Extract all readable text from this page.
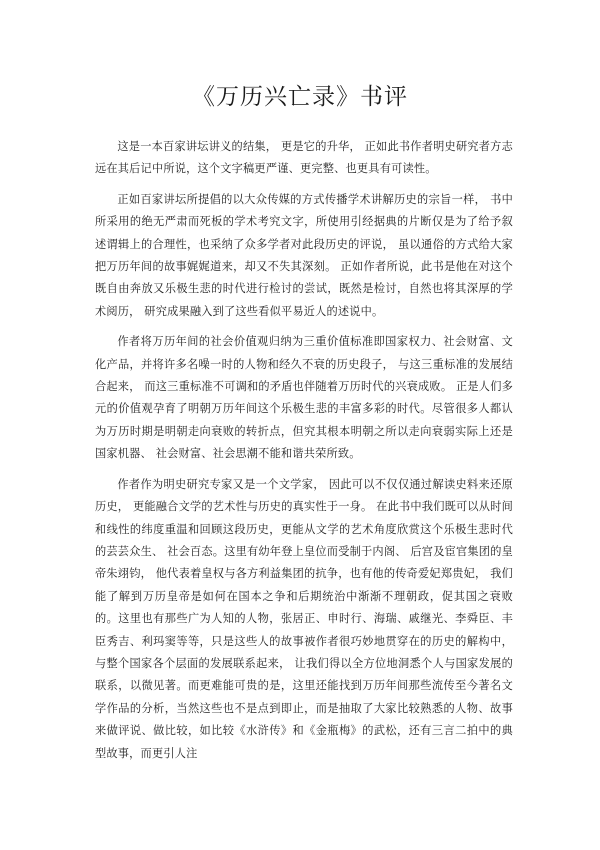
《万历兴亡录》书评

这是一本百家讲坛讲义的结集， 更是它的升华， 正如此书作者明史研究者方志远在其后记中所说，这个文字稿更严谨、更完整、也更具有可读性。

正如百家讲坛所提倡的以大众传媒的方式传播学术讲解历史的宗旨一样， 书中所采用的绝无严肃而死板的学术考究文字，所使用引经据典的片断仅是为了给予叙述谓辑上的合理性，也采纳了众多学者对此段历史的评说， 虽以通俗的方式给大家把万历年间的故事娓娓道来，却又不失其深刻。 正如作者所说，此书是他在对这个既自由奔放又乐极生悲的时代进行检讨的尝试，既然是检讨，自然也将其深厚的学术阅历， 研究成果融入到了这些看似平易近人的述说中。

作者将万历年间的社会价值观归纳为三重价值标准即国家权力、社会财富、文化产品，并将许多名噪一时的人物和经久不衰的历史段子， 与这三重标准的发展结合起来， 而这三重标准不可调和的矛盾也伴随着万历时代的兴衰成败。 正是人们多元的价值观孕育了明朝万历年间这个乐极生悲的丰富多彩的时代。尽管很多人都认为万历时期是明朝走向衰败的转折点，但究其根本明朝之所以走向衰弱实际上还是国家机器、 社会财富、社会思潮不能和谐共荣所致。

作者作为明史研究专家又是一个文学家， 因此可以不仅仅通过解读史料来还原历史， 更能融合文学的艺术性与历史的真实性于一身。 在此书中我们既可以从时间和线性的纬度重温和回顾这段历史，更能从文学的艺术角度欣赏这个乐极生悲时代的芸芸众生、 社会百态。这里有幼年登上皇位而受制于内阁、 后宫及宦官集团的皇帝朱翊钧， 他代表着皇权与各方利益集团的抗争，也有他的传奇爱妃郑贵妃， 我们能了解到万历皇帝是如何在国本之争和后期统治中渐渐不理朝政，促其国之衰败的。这里也有那些广为人知的人物，张居正、申时行、海瑞、戚继光、李舜臣、丰臣秀吉、利玛窦等等，只是这些人的故事被作者很巧妙地贯穿在的历史的解构中，与整个国家各个层面的发展联系起来， 让我们得以全方位地洞悉个人与国家发展的联系，以微见著。而更难能可贵的是，这里还能找到万历年间那些流传至今著名文学作品的分析，当然这些也不是点到即止，而是抽取了大家比较熟悉的人物、故事来做评说、做比较，如比较《水浒传》和《金瓶梅》的武松，还有三言二拍中的典型故事，而更引人注
